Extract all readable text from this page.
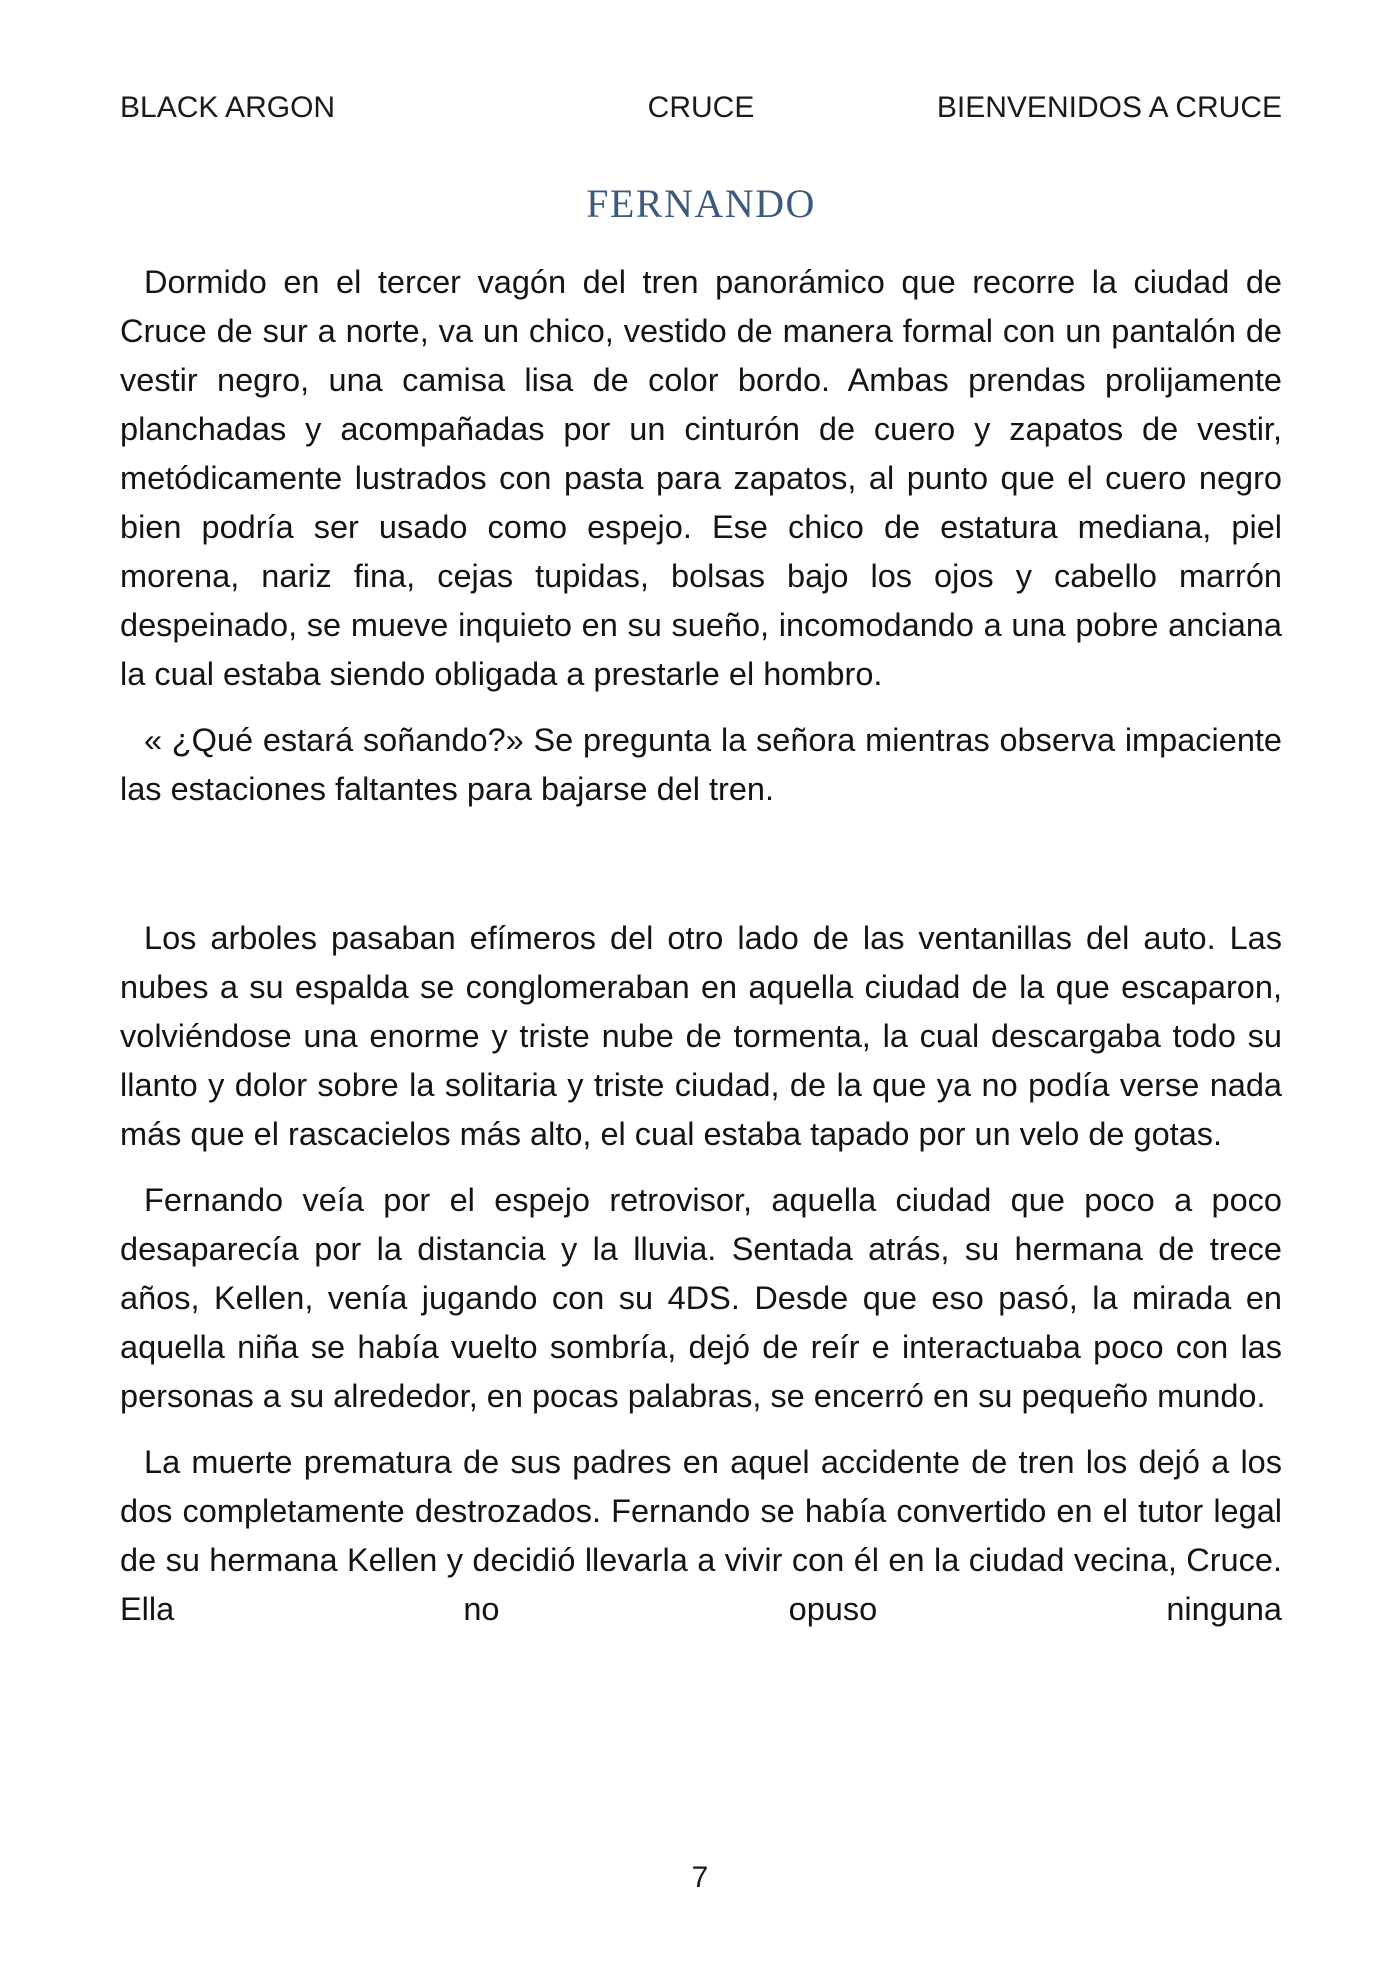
CRUCE
BLACK ARGON	BIENVENIDOS A CRUCE
FERNANDO

Dormido en el tercer vagón del tren panorámico que recorre la ciudad de Cruce de sur a norte, va un chico, vestido de manera formal con un pantalón de vestir negro, una camisa lisa de color bordo. Ambas prendas prolijamente planchadas y acompañadas por un cinturón de cuero y zapatos de vestir, metódicamente lustrados con pasta para zapatos, al punto que el cuero negro bien podría ser usado como espejo. Ese chico de estatura mediana, piel morena, nariz fina, cejas tupidas, bolsas bajo los ojos y cabello marrón despeinado, se mueve inquieto en su sueño, incomodando a una pobre anciana la cual estaba siendo obligada a prestarle el hombro.

« ¿Qué estará soñando?» Se pregunta la señora mientras observa impaciente las estaciones faltantes para bajarse del tren.

Los arboles pasaban efímeros del otro lado de las ventanillas del auto. Las nubes a su espalda se conglomeraban en aquella ciudad de la que escaparon, volviéndose una enorme y triste nube de tormenta, la cual descargaba todo su llanto y dolor sobre la solitaria y triste ciudad, de la que ya no podía verse nada más que el rascacielos más alto, el cual estaba tapado por un velo de gotas.

Fernando veía por el espejo retrovisor, aquella ciudad que poco a poco desaparecía por la distancia y la lluvia. Sentada atrás, su hermana de trece años, Kellen, venía jugando con su 4DS. Desde que eso pasó, la mirada en aquella niña se había vuelto sombría, dejó de reír e interactuaba poco con las personas a su alrededor, en pocas palabras, se encerró en su pequeño mundo.

La muerte prematura de sus padres en aquel accidente de tren los dejó a los dos completamente destrozados. Fernando se había convertido en el tutor legal de su hermana Kellen y decidió llevarla a vivir con él en la ciudad vecina, Cruce. Ella no opuso ninguna

7
